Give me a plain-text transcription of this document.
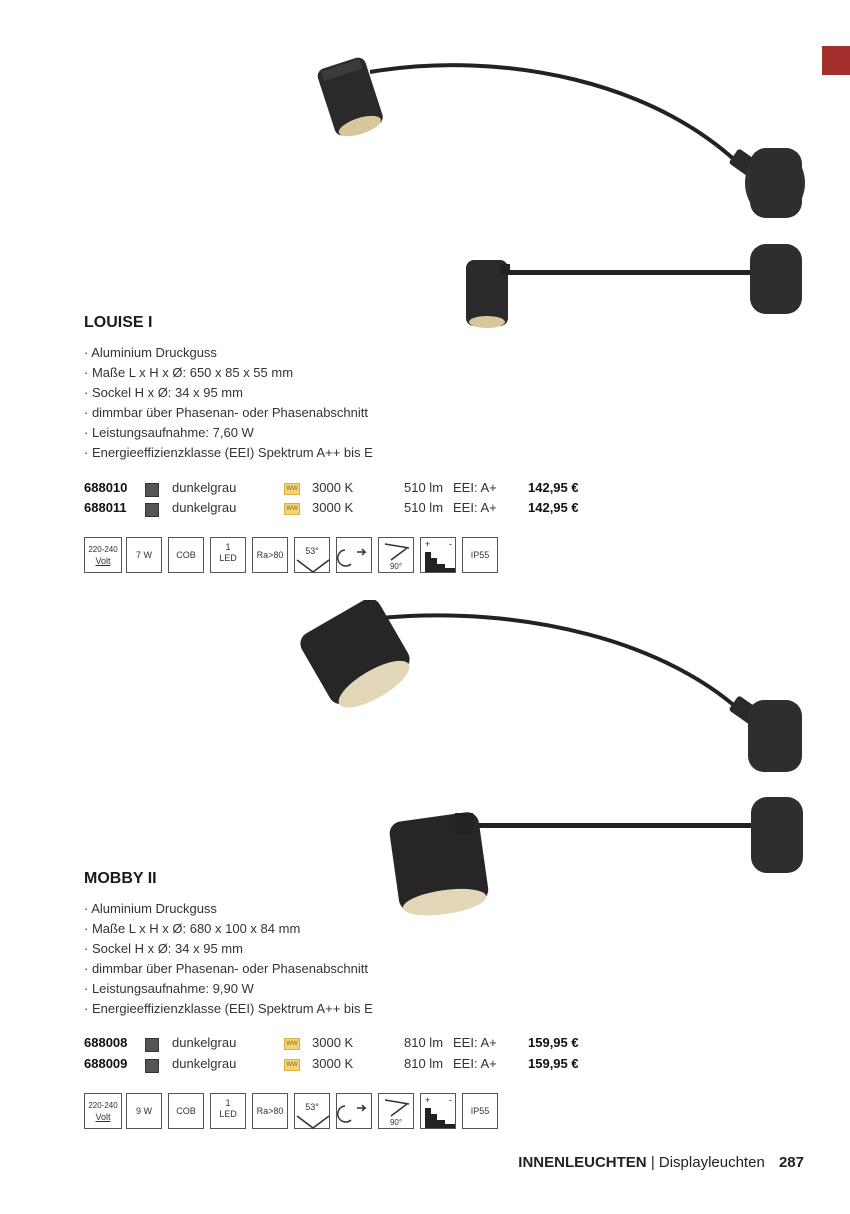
LOUISE I
· Aluminium Druckguss
· Maße L x H x Ø: 650 x 85 x 55 mm
· Sockel H x Ø: 34 x 95 mm
· dimmbar über Phasenan- oder Phasenabschnitt
· Leistungsaufnahme: 7,60 W
· Energieeffizienzklasse (EEI) Spektrum A++ bis E
688010	dunkelgrau	WW 3000 K	510 lm EEI: A+ 142,95 €
688011	dunkelgrau	WW 3000 K	510 lm EEI: A+ 142,95 €
220-240
Volt
7 W	COB
1
LED	Ra>80	53°
90°
+ -
IP55
MOBBY II
· Aluminium Druckguss
· Maße L x H x Ø: 680 x 100 x 84 mm
· Sockel H x Ø: 34 x 95 mm
· dimmbar über Phasenan- oder Phasenabschnitt
· Leistungsaufnahme: 9,90 W
· Energieeffizienzklasse (EEI) Spektrum A++ bis E
688008	dunkelgrau	WW 3000 K	810 lm EEI: A+ 159,95 €
688009	dunkelgrau	WW 3000 K	810 lm EEI: A+ 159,95 €
220-240
Volt
9 W	COB
1
LED	Ra>80	53°
90°
+ -
IP55
INNENLEUCHTEN | Displayleuchten 287
